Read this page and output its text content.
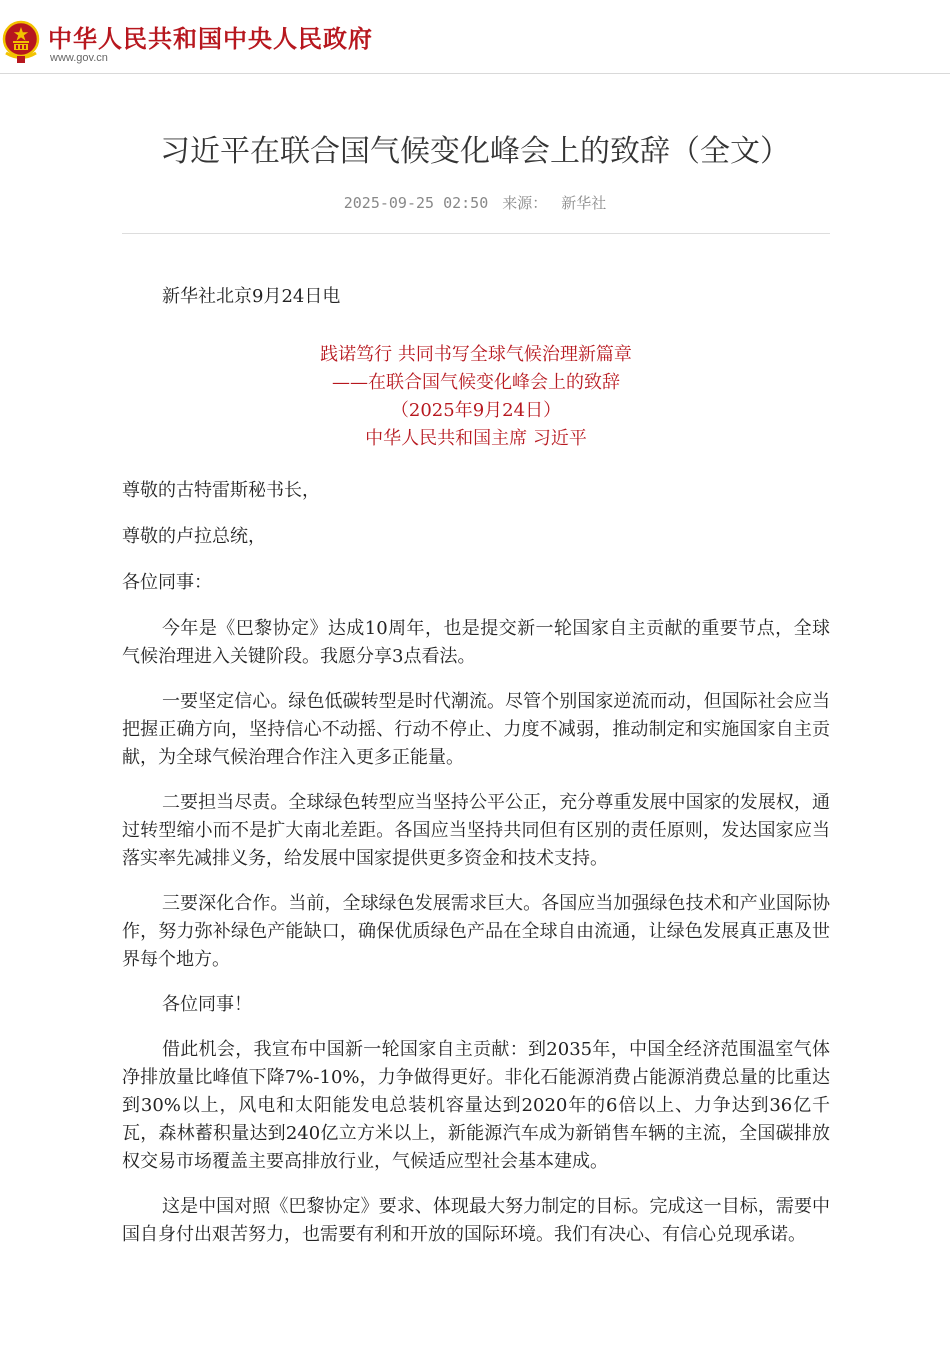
中华人民共和国中央人民政府
www.gov.cn
习近平在联合国气候变化峰会上的致辞（全文）
2025-09-25 02:50 来源： 新华社

新华社北京9月24日电

践诺笃行 共同书写全球气候治理新篇章
——在联合国气候变化峰会上的致辞
（2025年9月24日）
中华人民共和国主席 习近平

尊敬的古特雷斯秘书长，

尊敬的卢拉总统，

各位同事：

今年是《巴黎协定》达成10周年，也是提交新一轮国家自主贡献的重要节点，全球气候治理进入关键阶段。我愿分享3点看法。

一要坚定信心。绿色低碳转型是时代潮流。尽管个别国家逆流而动，但国际社会应当把握正确方向，坚持信心不动摇、行动不停止、力度不减弱，推动制定和实施国家自主贡献，为全球气候治理合作注入更多正能量。

二要担当尽责。全球绿色转型应当坚持公平公正，充分尊重发展中国家的发展权，通过转型缩小而不是扩大南北差距。各国应当坚持共同但有区别的责任原则，发达国家应当落实率先减排义务，给发展中国家提供更多资金和技术支持。

三要深化合作。当前，全球绿色发展需求巨大。各国应当加强绿色技术和产业国际协作，努力弥补绿色产能缺口，确保优质绿色产品在全球自由流通，让绿色发展真正惠及世界每个地方。

各位同事！

借此机会，我宣布中国新一轮国家自主贡献：到2035年，中国全经济范围温室气体净排放量比峰值下降7%-10%，力争做得更好。非化石能源消费占能源消费总量的比重达到30%以上，风电和太阳能发电总装机容量达到2020年的6倍以上、力争达到36亿千瓦，森林蓄积量达到240亿立方米以上，新能源汽车成为新销售车辆的主流，全国碳排放权交易市场覆盖主要高排放行业，气候适应型社会基本建成。

这是中国对照《巴黎协定》要求、体现最大努力制定的目标。完成这一目标，需要中国自身付出艰苦努力，也需要有利和开放的国际环境。我们有决心、有信心兑现承诺。
